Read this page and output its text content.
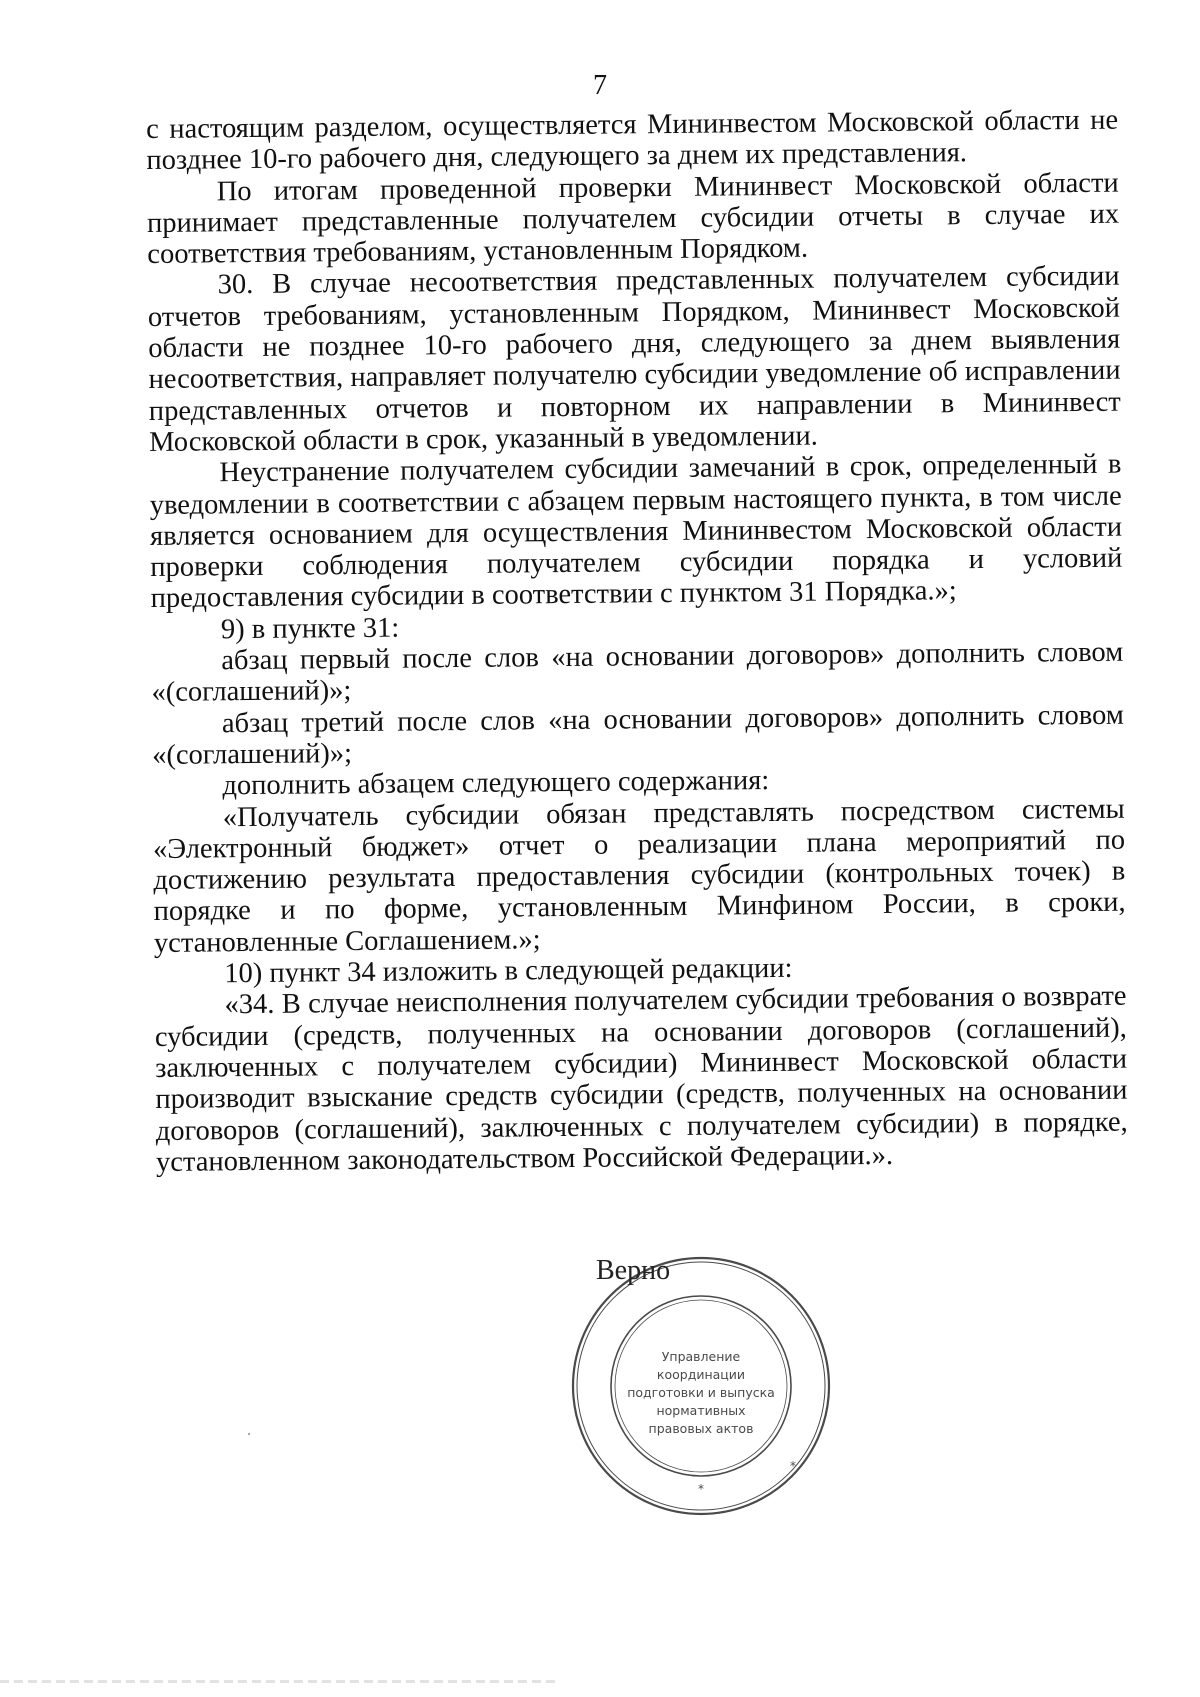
7

с настоящим разделом, осуществляется Мининвестом Московской области не позднее 10-го рабочего дня, следующего за днем их представления.

По итогам проведенной проверки Мининвест Московской области принимает представленные получателем субсидии отчеты в случае их соответствия требованиям, установленным Порядком.

30. В случае несоответствия представленных получателем субсидии отчетов требованиям, установленным Порядком, Мининвест Московской области не позднее 10-го рабочего дня, следующего за днем выявления несоответствия, направляет получателю субсидии уведомление об исправлении представленных отчетов и повторном их направлении в Мининвест Московской области в срок, указанный в уведомлении.

Неустранение получателем субсидии замечаний в срок, определенный в уведомлении в соответствии с абзацем первым настоящего пункта, в том числе является основанием для осуществления Мининвестом Московской области проверки соблюдения получателем субсидии порядка и условий предоставления субсидии в соответствии с пунктом 31 Порядка.»;

9) в пункте 31:

абзац первый после слов «на основании договоров» дополнить словом «(соглашений)»;

абзац третий после слов «на основании договоров» дополнить словом «(соглашений)»;

дополнить абзацем следующего содержания:

«Получатель субсидии обязан представлять посредством системы «Электронный бюджет» отчет о реализации плана мероприятий по достижению результата предоставления субсидии (контрольных точек) в порядке и по форме, установленным Минфином России, в сроки, установленные Соглашением.»;

10) пункт 34 изложить в следующей редакции:

«34. В случае неисполнения получателем субсидии требования о возврате субсидии (средств, полученных на основании договоров (соглашений), заключенных с получателем субсидии) Мининвест Московской области производит взыскание средств субсидии (средств, полученных на основании договоров (соглашений), заключенных с получателем субсидии) в порядке, установленном законодательством Российской Федерации.».

*
*
Управление
координации
подготовки и выпуска
нормативных
правовых актов
Верно
